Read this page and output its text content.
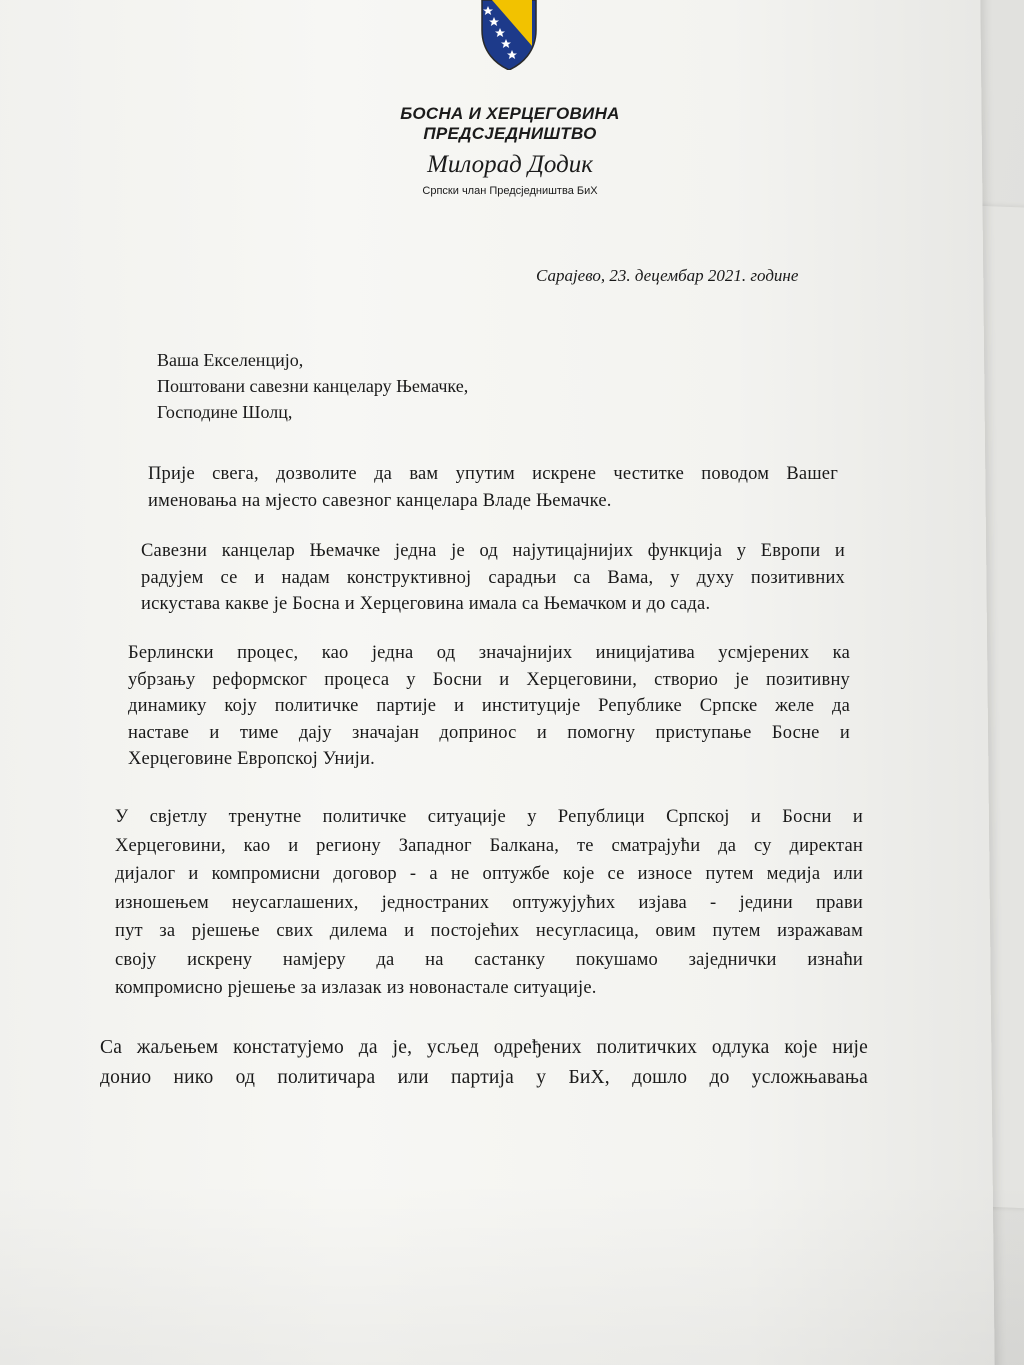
БОСНА И ХЕРЦЕГОВИНА
ПРЕДСЈЕДНИШТВО
Милорад Додик
Српски члан Предсједништва БиХ
Сарајево, 23. децембар 2021. године
Ваша Екселенцијо,
Поштовани савезни канцелару Њемачке,
Господине Шолц,
Прије свега, дозволите да вам упутим искрене честитке поводом Вашег
именовања на мјесто савезног канцелара Владе Њемачке.
Савезни канцелар Њемачке једна је од најутицајнијих функција у Европи и
радујем се и надам конструктивној сарадњи са Вама, у духу позитивних
искустава какве је Босна и Херцеговина имала са Њемачком и до сада.
Берлински процес, као једна од значајнијих иницијатива усмјерених ка
убрзању реформског процеса у Босни и Херцеговини, створио је позитивну
динамику коју политичке партије и институције Републике Српске желе да
наставе и тиме дају значајан допринос и помогну приступање Босне и
Херцеговине Европској Унији.
У свјетлу тренутне политичке ситуације у Републици Српској и Босни и
Херцеговини, као и региону Западног Балкана, те сматрајући да су директан
дијалог и компромисни договор - а не оптужбе које се износе путем медија или
изношењем неусаглашених, једностраних оптужујућих изјава - једини прави
пут за рјешење свих дилема и постојећих несугласица, овим путем изражавам
своју искрену намјеру да на састанку покушамо заједнички изнаћи
компромисно рјешење за излазак из новонастале ситуације.
Са жаљењем констатујемо да је, усљед одређених политичких одлука које није
донио нико од политичара или партија у БиХ, дошло до усложњавања
